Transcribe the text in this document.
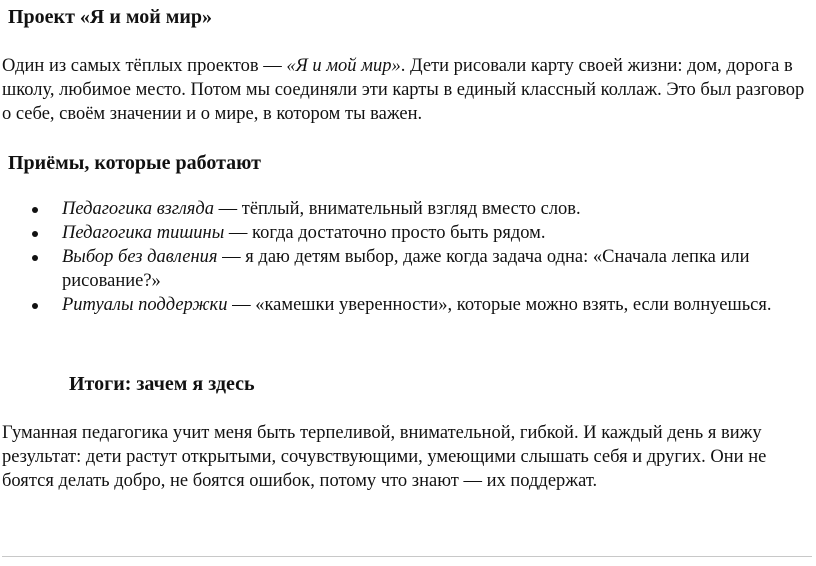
Проект «Я и мой мир»
Один из самых тёплых проектов — «Я и мой мир». Дети рисовали карту своей жизни: дом, дорога в школу, любимое место. Потом мы соединяли эти карты в единый классный коллаж. Это был разговор о себе, своём значении и о мире, в котором ты важен.
Приёмы, которые работают
Педагогика взгляда — тёплый, внимательный взгляд вместо слов.
Педагогика тишины — когда достаточно просто быть рядом.
Выбор без давления — я даю детям выбор, даже когда задача одна: «Сначала лепка или рисование?»
Ритуалы поддержки — «камешки уверенности», которые можно взять, если волнуешься.
Итоги: зачем я здесь
Гуманная педагогика учит меня быть терпеливой, внимательной, гибкой. И каждый день я вижу результат: дети растут открытыми, сочувствующими, умеющими слышать себя и других. Они не боятся делать добро, не боятся ошибок, потому что знают — их поддержат.
